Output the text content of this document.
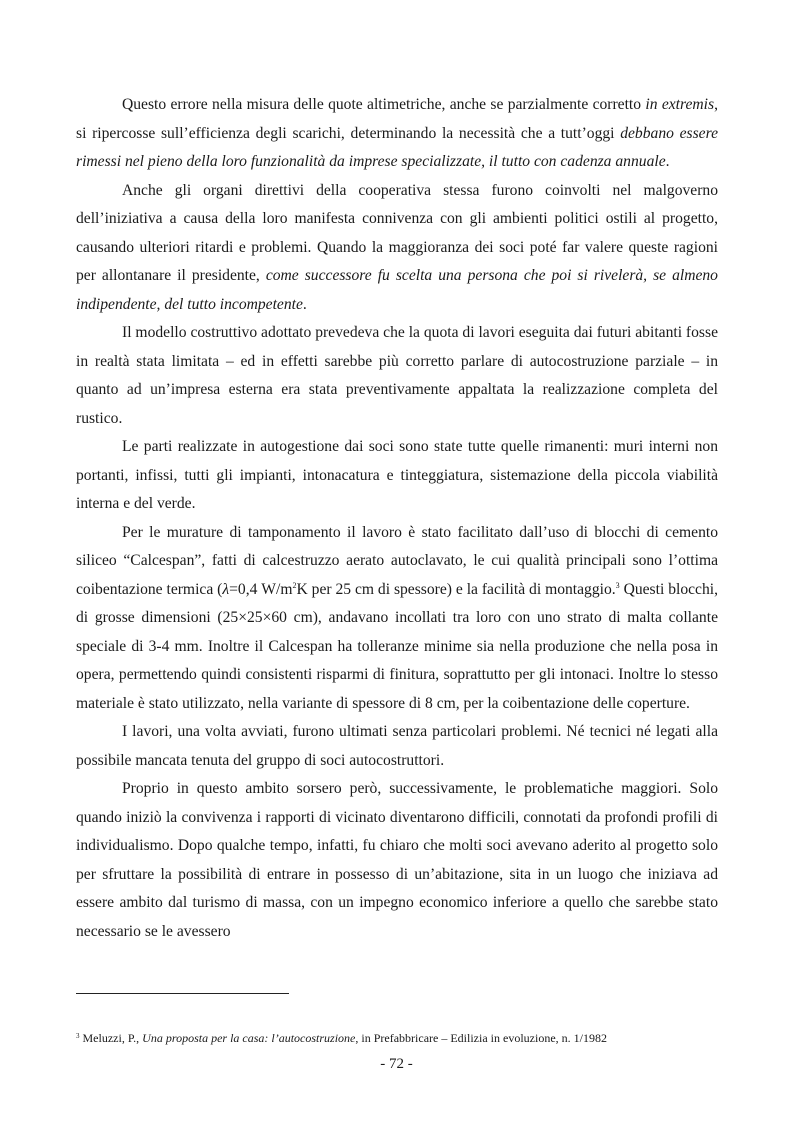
Questo errore nella misura delle quote altimetriche, anche se parzialmente corretto in extremis, si ripercosse sull’efficienza degli scarichi, determinando la necessità che a tutt’oggi debbano essere rimessi nel pieno della loro funzionalità da imprese specializzate, il tutto con cadenza annuale.

Anche gli organi direttivi della cooperativa stessa furono coinvolti nel malgoverno dell’iniziativa a causa della loro manifesta connivenza con gli ambienti politici ostili al progetto, causando ulteriori ritardi e problemi. Quando la maggioranza dei soci poté far valere queste ragioni per allontanare il presidente, come successore fu scelta una persona che poi si rivelerà, se almeno indipendente, del tutto incompetente.

Il modello costruttivo adottato prevedeva che la quota di lavori eseguita dai futuri abitanti fosse in realtà stata limitata – ed in effetti sarebbe più corretto parlare di autocostruzione parziale – in quanto ad un’impresa esterna era stata preventivamente appaltata la realizzazione completa del rustico.

Le parti realizzate in autogestione dai soci sono state tutte quelle rimanenti: muri interni non portanti, infissi, tutti gli impianti, intonacatura e tinteggiatura, sistemazione della piccola viabilità interna e del verde.

Per le murature di tamponamento il lavoro è stato facilitato dall’uso di blocchi di cemento siliceo “Calcespan”, fatti di calcestruzzo aerato autoclavato, le cui qualità principali sono l’ottima coibentazione termica (λ=0,4 $W/m^2K$ per 25 cm di spessore) e la facilità di montaggio.$^3$ Questi blocchi, di grosse dimensioni (25×25×60 cm), andavano incollati tra loro con uno strato di malta collante speciale di 3-4 mm. Inoltre il Calcespan ha tolleranze minime sia nella produzione che nella posa in opera, permettendo quindi consistenti risparmi di finitura, soprattutto per gli intonaci. Inoltre lo stesso materiale è stato utilizzato, nella variante di spessore di 8 cm, per la coibentazione delle coperture.

I lavori, una volta avviati, furono ultimati senza particolari problemi. Né tecnici né legati alla possibile mancata tenuta del gruppo di soci autocostruttori.

Proprio in questo ambito sorsero però, successivamente, le problematiche maggiori. Solo quando iniziò la convivenza i rapporti di vicinato diventarono difficili, connotati da profondi profili di individualismo. Dopo qualche tempo, infatti, fu chiaro che molti soci avevano aderito al progetto solo per sfruttare la possibilità di entrare in possesso di un’abitazione, sita in un luogo che iniziava ad essere ambito dal turismo di massa, con un impegno economico inferiore a quello che sarebbe stato necessario se le avessero

$^3$ Meluzzi, P., Una proposta per la casa: l’autocostruzione, in Prefabbricare – Edilizia in evoluzione, n. 1/1982
- 72 -
